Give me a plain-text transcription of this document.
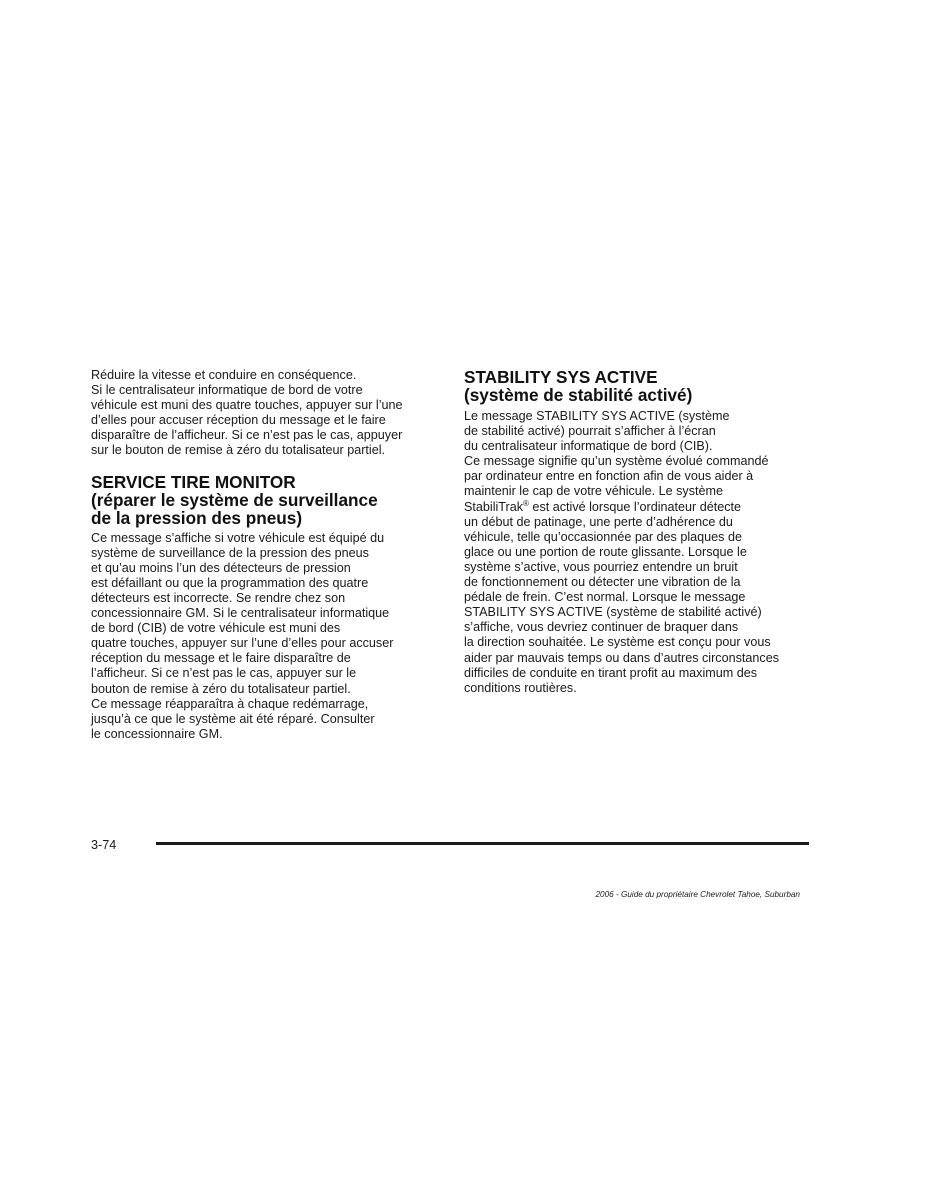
Réduire la vitesse et conduire en conséquence.
Si le centralisateur informatique de bord de votre
véhicule est muni des quatre touches, appuyer sur l’une
d’elles pour accuser réception du message et le faire
disparaître de l’afficheur. Si ce n’est pas le cas, appuyer
sur le bouton de remise à zéro du totalisateur partiel.

SERVICE TIRE MONITOR
(réparer le système de surveillance
de la pression des pneus)

Ce message s’affiche si votre véhicule est équipé du
système de surveillance de la pression des pneus
et qu’au moins l’un des détecteurs de pression
est défaillant ou que la programmation des quatre
détecteurs est incorrecte. Se rendre chez son
concessionnaire GM. Si le centralisateur informatique
de bord (CIB) de votre véhicule est muni des
quatre touches, appuyer sur l’une d’elles pour accuser
réception du message et le faire disparaître de
l’afficheur. Si ce n’est pas le cas, appuyer sur le
bouton de remise à zéro du totalisateur partiel.

Ce message réapparaîtra à chaque redémarrage,
jusqu’à ce que le système ait été réparé. Consulter
le concessionnaire GM.

STABILITY SYS ACTIVE
(système de stabilité activé)

Le message STABILITY SYS ACTIVE (système
de stabilité activé) pourrait s’afficher à l’écran
du centralisateur informatique de bord (CIB).

Ce message signifie qu’un système évolué commandé
par ordinateur entre en fonction afin de vous aider à
maintenir le cap de votre véhicule. Le système
StabiliTrak® est activé lorsque l’ordinateur détecte
un début de patinage, une perte d’adhérence du
véhicule, telle qu’occasionnée par des plaques de
glace ou une portion de route glissante. Lorsque le
système s’active, vous pourriez entendre un bruit
de fonctionnement ou détecter une vibration de la
pédale de frein. C’est normal. Lorsque le message
STABILITY SYS ACTIVE (système de stabilité activé)
s’affiche, vous devriez continuer de braquer dans
la direction souhaitée. Le système est conçu pour vous
aider par mauvais temps ou dans d’autres circonstances
difficiles de conduite en tirant profit au maximum des
conditions routières.

3-74
2006 - Guide du propriétaire Chevrolet Tahoe, Suburban
